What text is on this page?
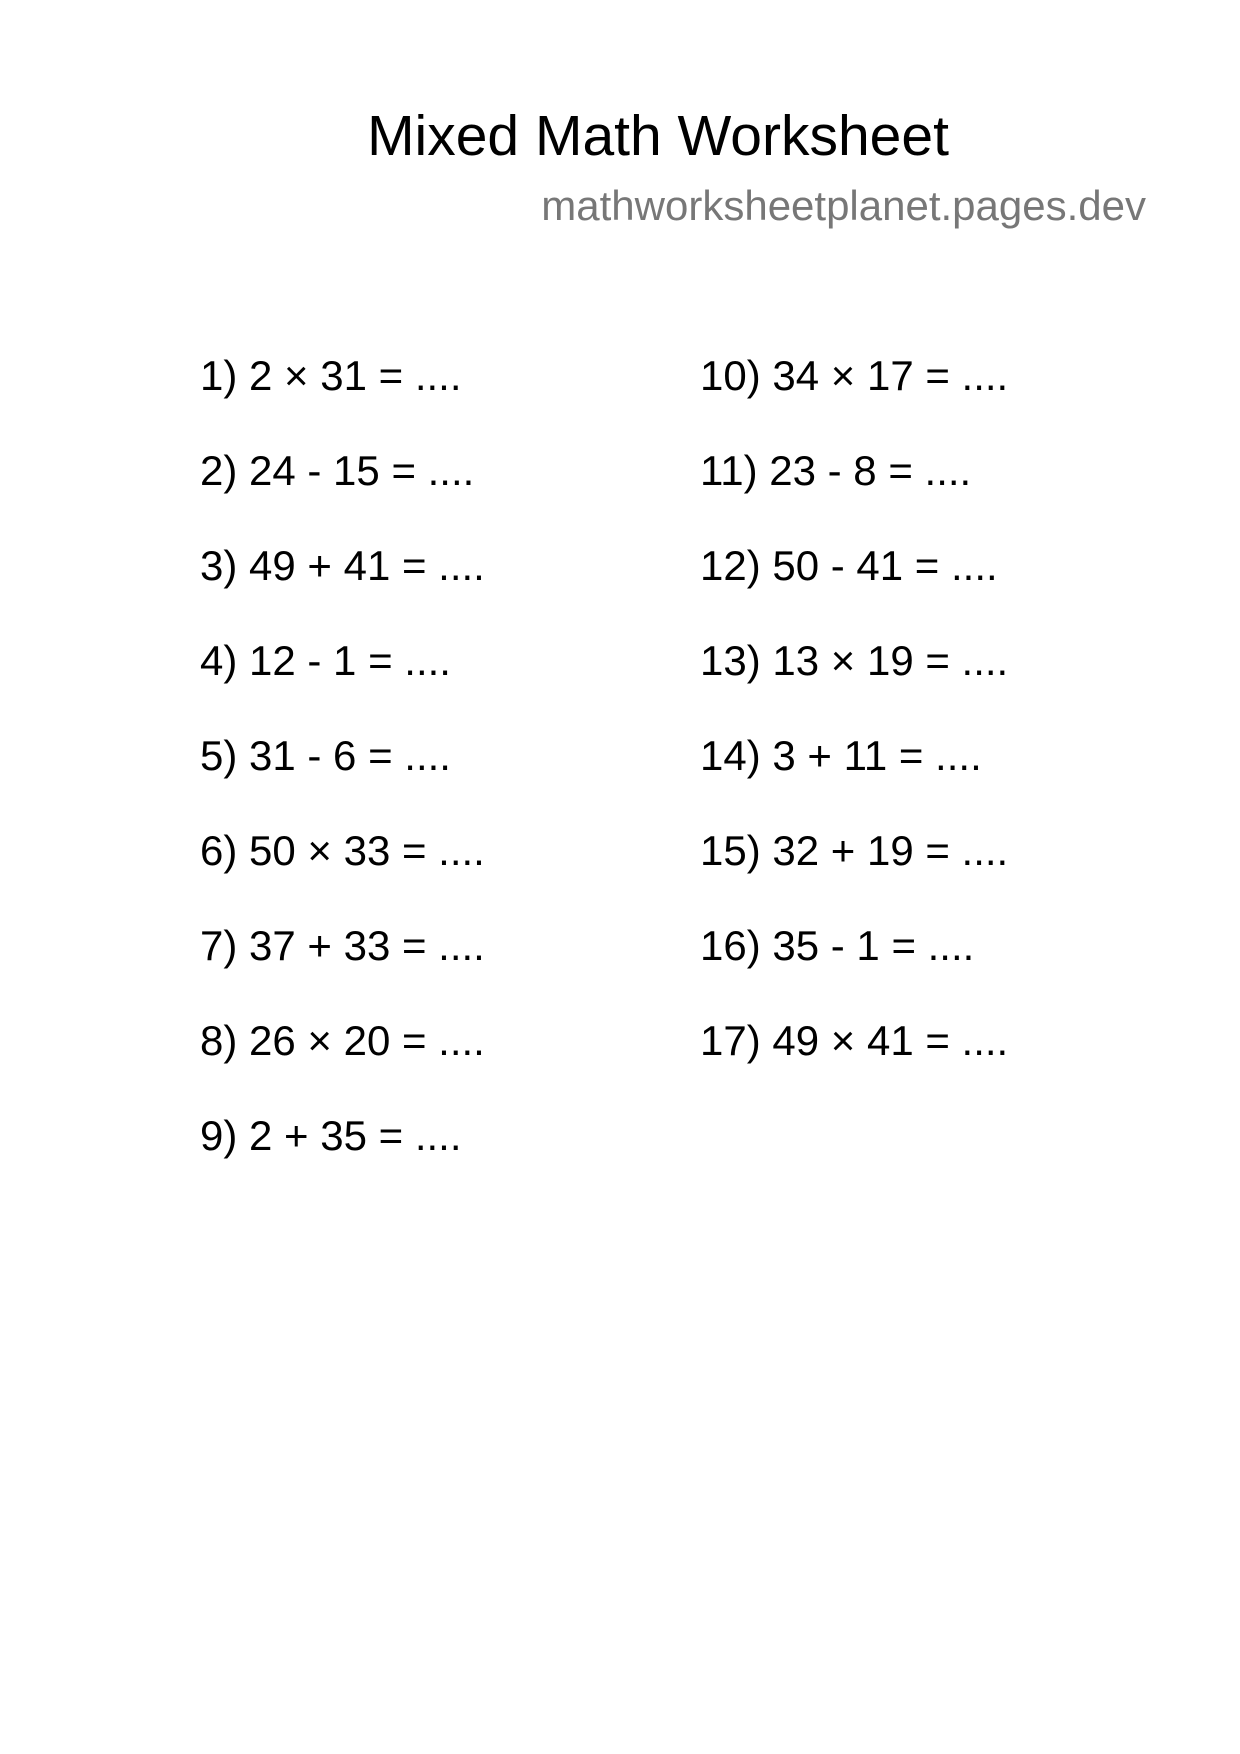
Mixed Math Worksheet
mathworksheetplanet.pages.dev
1) 2 × 31 = ....
2) 24 - 15 = ....
3) 49 + 41 = ....
4) 12 - 1 = ....
5) 31 - 6 = ....
6) 50 × 33 = ....
7) 37 + 33 = ....
8) 26 × 20 = ....
9) 2 + 35 = ....
10) 34 × 17 = ....
11) 23 - 8 = ....
12) 50 - 41 = ....
13) 13 × 19 = ....
14) 3 + 11 = ....
15) 32 + 19 = ....
16) 35 - 1 = ....
17) 49 × 41 = ....
